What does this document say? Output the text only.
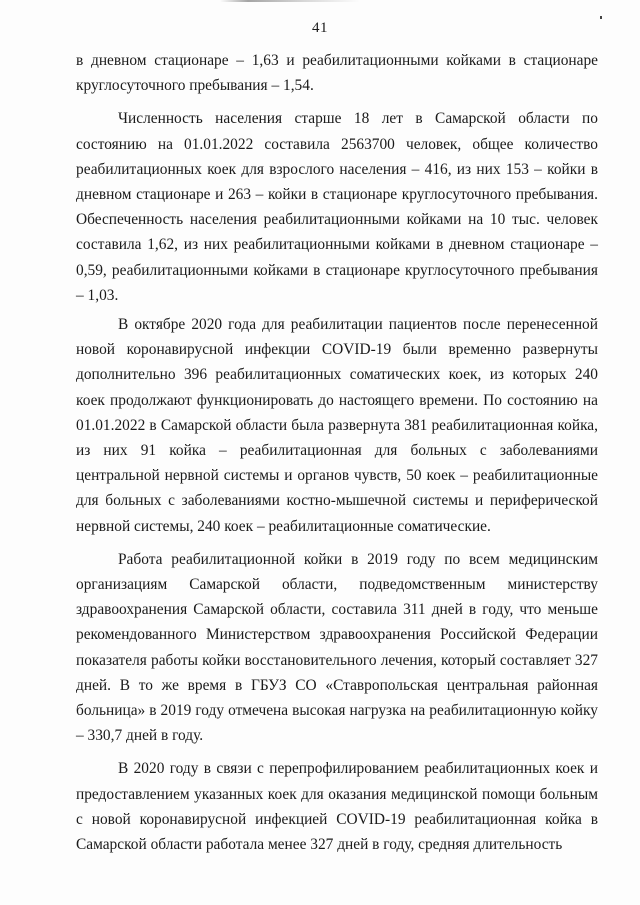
41

в дневном стационаре – 1,63 и реабилитационными койками в стационаре круглосуточного пребывания – 1,54.

Численность населения старше 18 лет в Самарской области по состоянию на 01.01.2022 составила 2563700 человек, общее количество реабилитационных коек для взрослого населения – 416, из них 153 – койки в дневном стационаре и 263 – койки в стационаре круглосуточного пребывания. Обеспеченность населения реабилитационными койками на 10 тыс. человек составила 1,62, из них реабилитационными койками в дневном стационаре – 0,59, реабилитационными койками в стационаре круглосуточного пребывания – 1,03.

В октябре 2020 года для реабилитации пациентов после перенесенной новой коронавирусной инфекции COVID-19 были временно развернуты дополнительно 396 реабилитационных соматических коек, из которых 240 коек продолжают функционировать до настоящего времени. По состоянию на 01.01.2022 в Самарской области была развернута 381 реабилитационная койка, из них 91 койка – реабилитационная для больных с заболеваниями центральной нервной системы и органов чувств, 50 коек – реабилитационные для больных с заболеваниями костно-мышечной системы и периферической нервной системы, 240 коек – реабилитационные соматические.

Работа реабилитационной койки в 2019 году по всем медицинским организациям Самарской области, подведомственным министерству здравоохранения Самарской области, составила 311 дней в году, что меньше рекомендованного Министерством здравоохранения Российской Федерации показателя работы койки восстановительного лечения, который составляет 327 дней. В то же время в ГБУЗ СО «Ставропольская центральная районная больница» в 2019 году отмечена высокая нагрузка на реабилитационную койку – 330,7 дней в году.

В 2020 году в связи с перепрофилированием реабилитационных коек и предоставлением указанных коек для оказания медицинской помощи больным с новой коронавирусной инфекцией COVID-19 реабилитационная койка в Самарской области работала менее 327 дней в году, средняя длительность
